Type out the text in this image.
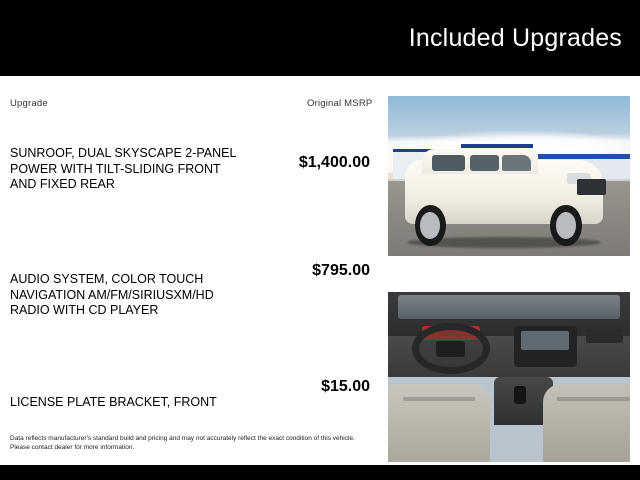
Included Upgrades
Upgrade	Original MSRP
SUNROOF, DUAL SKYSCAPE 2-PANEL POWER WITH TILT-SLIDING FRONT AND FIXED REAR
$1,400.00
AUDIO SYSTEM, COLOR TOUCH NAVIGATION AM/FM/SIRIUSXM/HD RADIO WITH CD PLAYER
$795.00
LICENSE PLATE BRACKET, FRONT
$15.00
Data reflects manufacturer's standard build and pricing and may not accurately reflect the exact condition of this vehicle. Please contact dealer for more information.
